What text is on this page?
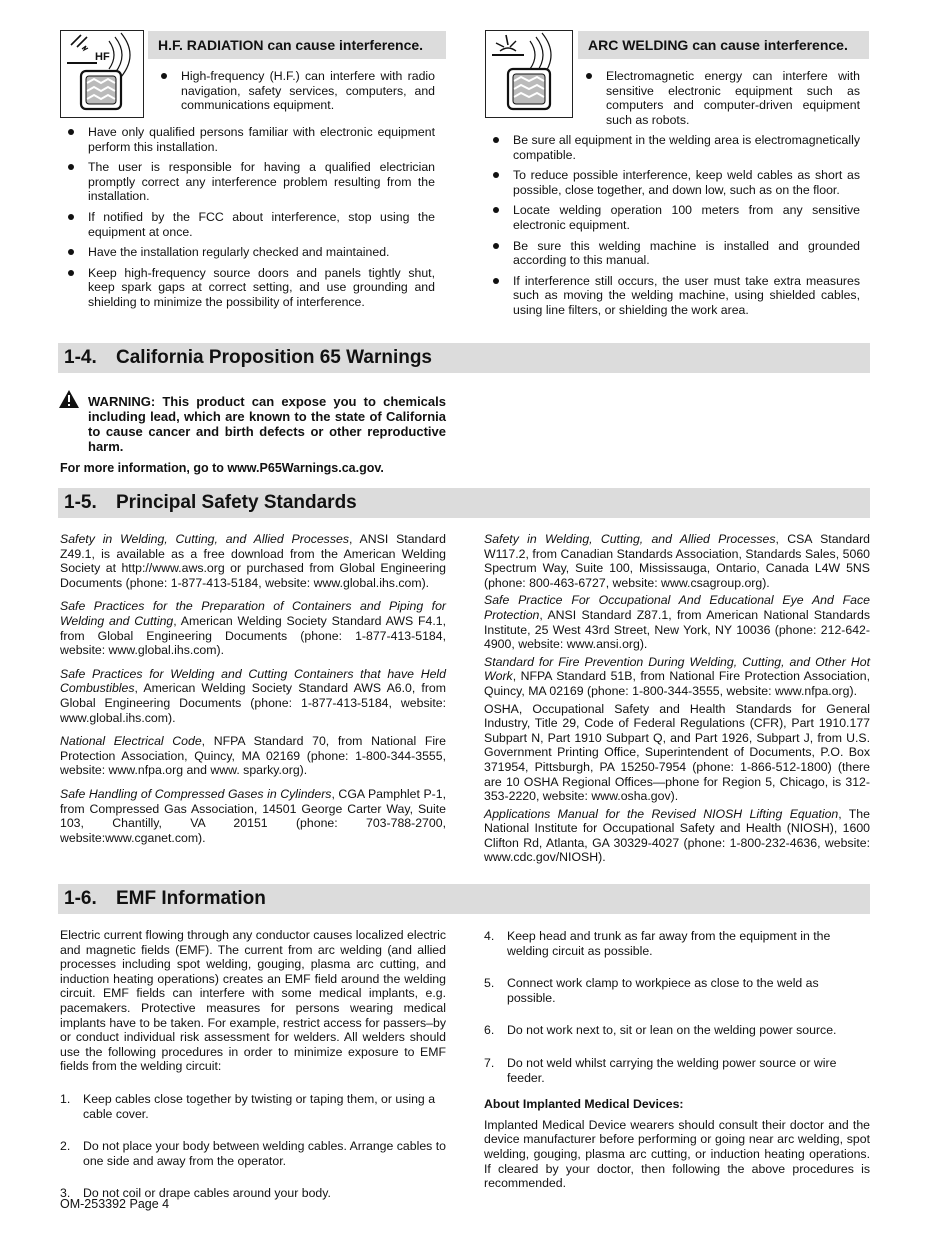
HF
H.F. RADIATION can cause interference.
High-frequency (H.F.) can interfere with radio navigation, safety services, computers, and communications equipment.
Have only qualified persons familiar with electronic equipment perform this installation.
The user is responsible for having a qualified electrician promptly correct any interference problem resulting from the installation.
If notified by the FCC about interference, stop using the equipment at once.
Have the installation regularly checked and maintained.
Keep high-frequency source doors and panels tightly shut, keep spark gaps at correct setting, and use grounding and shielding to minimize the possibility of interference.
ARC WELDING can cause interference.
Electromagnetic energy can interfere with sensitive electronic equipment such as computers and computer-driven equipment such as robots.
Be sure all equipment in the welding area is electromagnetically compatible.
To reduce possible interference, keep weld cables as short as possible, close together, and down low, such as on the floor.
Locate welding operation 100 meters from any sensitive electronic equipment.
Be sure this welding machine is installed and grounded according to this manual.
If interference still occurs, the user must take extra measures such as moving the welding machine, using shielded cables, using line filters, or shielding the work area.
1-4. California Proposition 65 Warnings
WARNING: This product can expose you to chemicals including lead, which are known to the state of California to cause cancer and birth defects or other reproductive harm.
For more information, go to www.P65Warnings.ca.gov.
1-5. Principal Safety Standards

Safety in Welding, Cutting, and Allied Processes, ANSI Standard Z49.1, is available as a free download from the American Welding Society at http://www.aws.org or purchased from Global Engineering Documents (phone: 1-877-413-5184, website: www.global.ihs.com).

Safe Practices for the Preparation of Containers and Piping for Welding and Cutting, American Welding Society Standard AWS F4.1, from Global Engineering Documents (phone: 1-877-413-5184, website: www.global.ihs.com).

Safe Practices for Welding and Cutting Containers that have Held Combustibles, American Welding Society Standard AWS A6.0, from Global Engineering Documents (phone: 1-877-413-5184, website: www.global.ihs.com).

National Electrical Code, NFPA Standard 70, from National Fire Protection Association, Quincy, MA 02169 (phone: 1-800-344-3555, website: www.nfpa.org and www. sparky.org).

Safe Handling of Compressed Gases in Cylinders, CGA Pamphlet P-1, from Compressed Gas Association, 14501 George Carter Way, Suite 103, Chantilly, VA 20151 (phone: 703-788-2700, website:www.cganet.com).

Safety in Welding, Cutting, and Allied Processes, CSA Standard W117.2, from Canadian Standards Association, Standards Sales, 5060 Spectrum Way, Suite 100, Mississauga, Ontario, Canada L4W 5NS (phone: 800-463-6727, website: www.csagroup.org).

Safe Practice For Occupational And Educational Eye And Face Protection, ANSI Standard Z87.1, from American National Standards Institute, 25 West 43rd Street, New York, NY 10036 (phone: 212-642-4900, website: www.ansi.org).

Standard for Fire Prevention During Welding, Cutting, and Other Hot Work, NFPA Standard 51B, from National Fire Protection Association, Quincy, MA 02169 (phone: 1-800-344-3555, website: www.nfpa.org).

OSHA, Occupational Safety and Health Standards for General Industry, Title 29, Code of Federal Regulations (CFR), Part 1910.177 Subpart N, Part 1910 Subpart Q, and Part 1926, Subpart J, from U.S. Government Printing Office, Superintendent of Documents, P.O. Box 371954, Pittsburgh, PA 15250-7954 (phone: 1-866-512-1800) (there are 10 OSHA Regional Offices—phone for Region 5, Chicago, is 312-353-2220, website: www.osha.gov).

Applications Manual for the Revised NIOSH Lifting Equation, The National Institute for Occupational Safety and Health (NIOSH), 1600 Clifton Rd, Atlanta, GA 30329-4027 (phone: 1-800-232-4636, website: www.cdc.gov/NIOSH).

1-6. EMF Information

Electric current flowing through any conductor causes localized electric and magnetic fields (EMF). The current from arc welding (and allied processes including spot welding, gouging, plasma arc cutting, and induction heating operations) creates an EMF field around the welding circuit. EMF fields can interfere with some medical implants, e.g. pacemakers. Protective measures for persons wearing medical implants have to be taken. For example, restrict access for passers–by or conduct individual risk assessment for welders. All welders should use the following procedures in order to minimize exposure to EMF fields from the welding circuit:

1. Keep cables close together by twisting or taping them, or using a cable cover.
2. Do not place your body between welding cables. Arrange cables to one side and away from the operator.
3. Do not coil or drape cables around your body.
4. Keep head and trunk as far away from the equipment in the welding circuit as possible.
5. Connect work clamp to workpiece as close to the weld as possible.
6. Do not work next to, sit or lean on the welding power source.
7. Do not weld whilst carrying the welding power source or wire feeder.

About Implanted Medical Devices:

Implanted Medical Device wearers should consult their doctor and the device manufacturer before performing or going near arc welding, spot welding, gouging, plasma arc cutting, or induction heating operations. If cleared by your doctor, then following the above procedures is recommended.

OM-253392 Page 4
